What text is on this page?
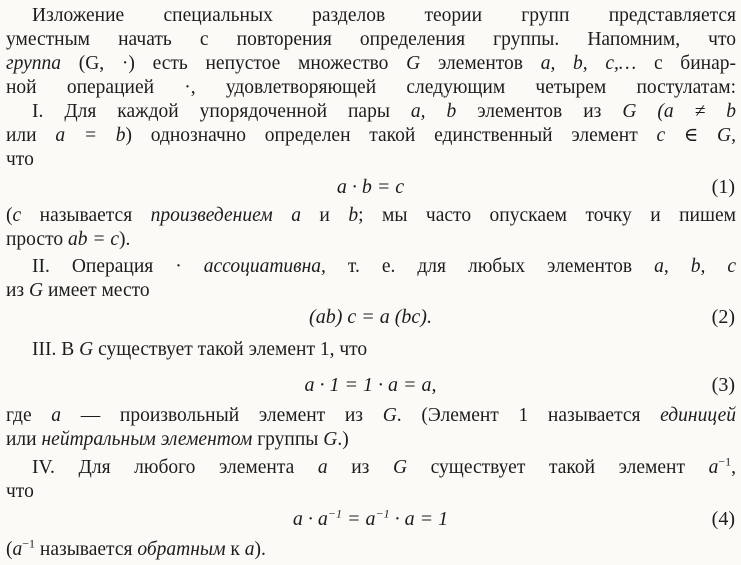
Изложение специальных разделов теории групп представляется
уместным начать с повторения определения группы. Напомним, что
группа (G, ·) есть непустое множество G элементов a, b, c,… с бинар-
ной операцией ·, удовлетворяющей следующим четырем постулатам:
I. Для каждой упорядоченной пары a, b элементов из G (a ≠ b
или a = b) однозначно определен такой единственный элемент c ∈ G,
что
a · b = c	(1)
(c называется произведением a и b; мы часто опускаем точку и пишем
просто ab = c).
II. Операция · ассоциативна, т. е. для любых элементов a, b, c
из G имеет место
(ab) c = a (bc).	(2)
III. В G существует такой элемент 1, что
a · 1 = 1 · a = a,	(3)
где a — произвольный элемент из G. (Элемент 1 называется единицей
или нейтральным элементом группы G.)
IV. Для любого элемента a из G существует такой элемент $a^{-1}$,
что
$a \cdot a^{-1} = a^{-1} \cdot a = 1$	(4)
($a^{-1}$ называется обратным к a).
